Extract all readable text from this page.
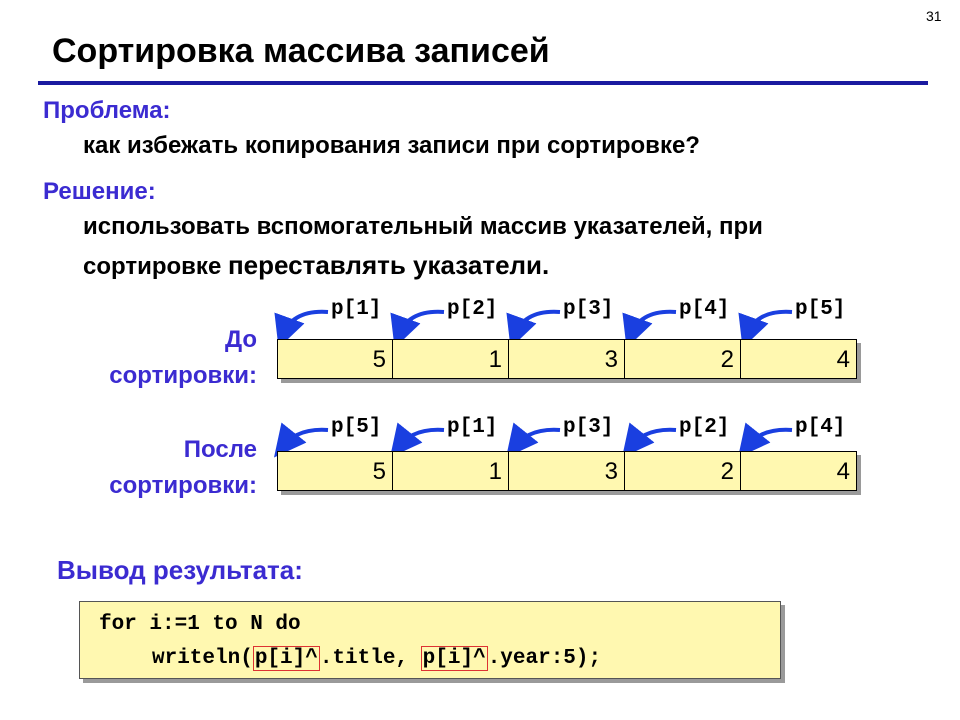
31
Сортировка массива записей
Проблема:
как избежать копирования записи при сортировке?
Решение:
использовать вспомогательный массив указателей, при
сортировке переставлять указатели.
До
сортировки:
p[1]	p[2]	p[3]	p[4]	p[5]
5	1	3	2	4
После
сортировки:
p[5]	p[1]	p[3]	p[2]	p[4]
5	1	3	2	4
Вывод результата:
for i:=1 to N do
writeln(p[i]^.title, p[i]^.year:5);
